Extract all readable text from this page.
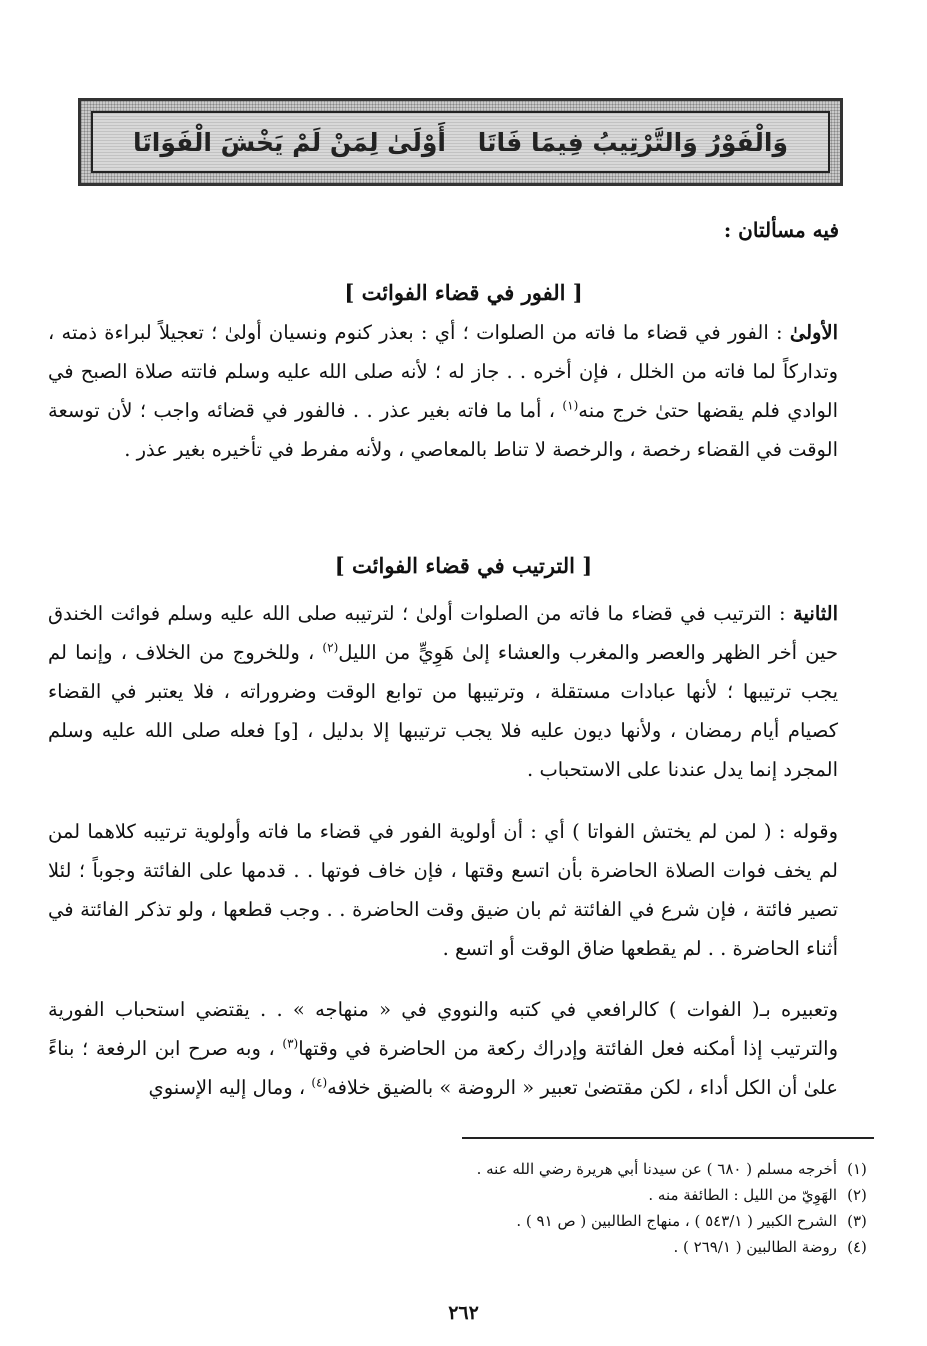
وَالْفَوْرُ وَالتَّرْتِيبُ فِيمَا فَاتَا
أَوْلَىٰ لِمَنْ لَمْ يَخْشَ الْفَوَاتَا
فيه مسألتان :
[ الفور في قضاء الفوائت ]
الأولىٰ : الفور في قضاء ما فاته من الصلوات ؛ أي : بعذر كنوم ونسيان أولىٰ ؛ تعجيلاً لبراءة ذمته ، وتداركاً لما فاته من الخلل ، فإن أخره . . جاز له ؛ لأنه صلى الله عليه وسلم فاتته صلاة الصبح في الوادي فلم يقضها حتىٰ خرج منه$^{(١)}$ ، أما ما فاته بغير عذر . . فالفور في قضائه واجب ؛ لأن توسعة الوقت في القضاء رخصة ، والرخصة لا تناط بالمعاصي ، ولأنه مفرط في تأخيره بغير عذر .
[ الترتيب في قضاء الفوائت ]
الثانية : الترتيب في قضاء ما فاته من الصلوات أولىٰ ؛ لترتيبه صلى الله عليه وسلم فوائت الخندق حين أخر الظهر والعصر والمغرب والعشاء إلىٰ هَوِيٍّ من الليل$^{(٢)}$ ، وللخروج من الخلاف ، وإنما لم يجب ترتيبها ؛ لأنها عبادات مستقلة ، وترتيبها من توابع الوقت وضروراته ، فلا يعتبر في القضاء كصيام أيام رمضان ، ولأنها ديون عليه فلا يجب ترتيبها إلا بدليل ، [و] فعله صلى الله عليه وسلم المجرد إنما يدل عندنا على الاستحباب .
وقوله : ( لمن لم يختش الفواتا ) أي : أن أولوية الفور في قضاء ما فاته وأولوية ترتيبه كلاهما لمن لم يخف فوات الصلاة الحاضرة بأن اتسع وقتها ، فإن خاف فوتها . . قدمها على الفائتة وجوباً ؛ لئلا تصير فائتة ، فإن شرع في الفائتة ثم بان ضيق وقت الحاضرة . . وجب قطعها ، ولو تذكر الفائتة في أثناء الحاضرة . . لم يقطعها ضاق الوقت أو اتسع .
وتعبيره بـ( الفوات ) كالرافعي في كتبه والنووي في « منهاجه » . . يقتضي استحباب الفورية والترتيب إذا أمكنه فعل الفائتة وإدراك ركعة من الحاضرة في وقتها$^{(٣)}$ ، وبه صرح ابن الرفعة ؛ بناءً علىٰ أن الكل أداء ، لكن مقتضىٰ تعبير « الروضة » بالضيق خلافه$^{(٤)}$ ، ومال إليه الإسنوي
(١)
أخرجه مسلم ( ٦٨٠ ) عن سيدنا أبي هريرة رضي الله عنه .
(٢)
الهَوِيّ من الليل : الطائفة منه .
(٣)
الشرح الكبير ( ٥٤٣/١ ) ، منهاج الطالبين ( ص ٩١ ) .
(٤)
روضة الطالبين ( ٢٦٩/١ ) .
٢٦٢
